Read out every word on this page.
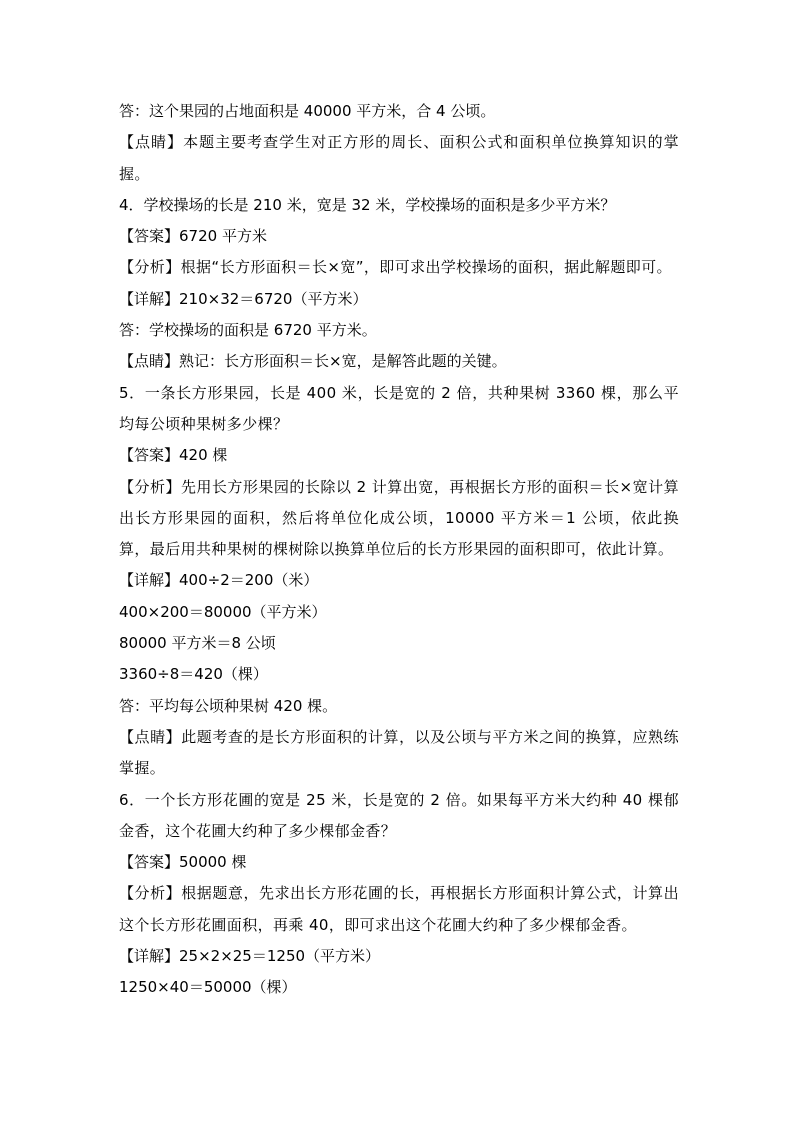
答：这个果园的占地面积是 40000 平方米，合 4 公顷。

【点睛】本题主要考查学生对正方形的周长、面积公式和面积单位换算知识的掌握。

4．学校操场的长是 210 米，宽是 32 米，学校操场的面积是多少平方米？

【答案】6720 平方米

【分析】根据“长方形面积＝长×宽”，即可求出学校操场的面积，据此解题即可。

【详解】210×32＝6720（平方米）

答：学校操场的面积是 6720 平方米。

【点睛】熟记：长方形面积＝长×宽，是解答此题的关键。

5．一条长方形果园，长是 400 米，长是宽的 2 倍，共种果树 3360 棵，那么平均每公顷种果树多少棵？

【答案】420 棵

【分析】先用长方形果园的长除以 2 计算出宽，再根据长方形的面积＝长×宽计算出长方形果园的面积，然后将单位化成公顷，10000 平方米＝1 公顷，依此换算，最后用共种果树的棵树除以换算单位后的长方形果园的面积即可，依此计算。

【详解】400÷2＝200（米）

400×200＝80000（平方米）

80000 平方米＝8 公顷

3360÷8＝420（棵）

答：平均每公顷种果树 420 棵。

【点睛】此题考查的是长方形面积的计算，以及公顷与平方米之间的换算，应熟练掌握。

6．一个长方形花圃的宽是 25 米，长是宽的 2 倍。如果每平方米大约种 40 棵郁金香，这个花圃大约种了多少棵郁金香？

【答案】50000 棵

【分析】根据题意，先求出长方形花圃的长，再根据长方形面积计算公式，计算出这个长方形花圃面积，再乘 40，即可求出这个花圃大约种了多少棵郁金香。

【详解】25×2×25＝1250（平方米）

1250×40＝50000（棵）
